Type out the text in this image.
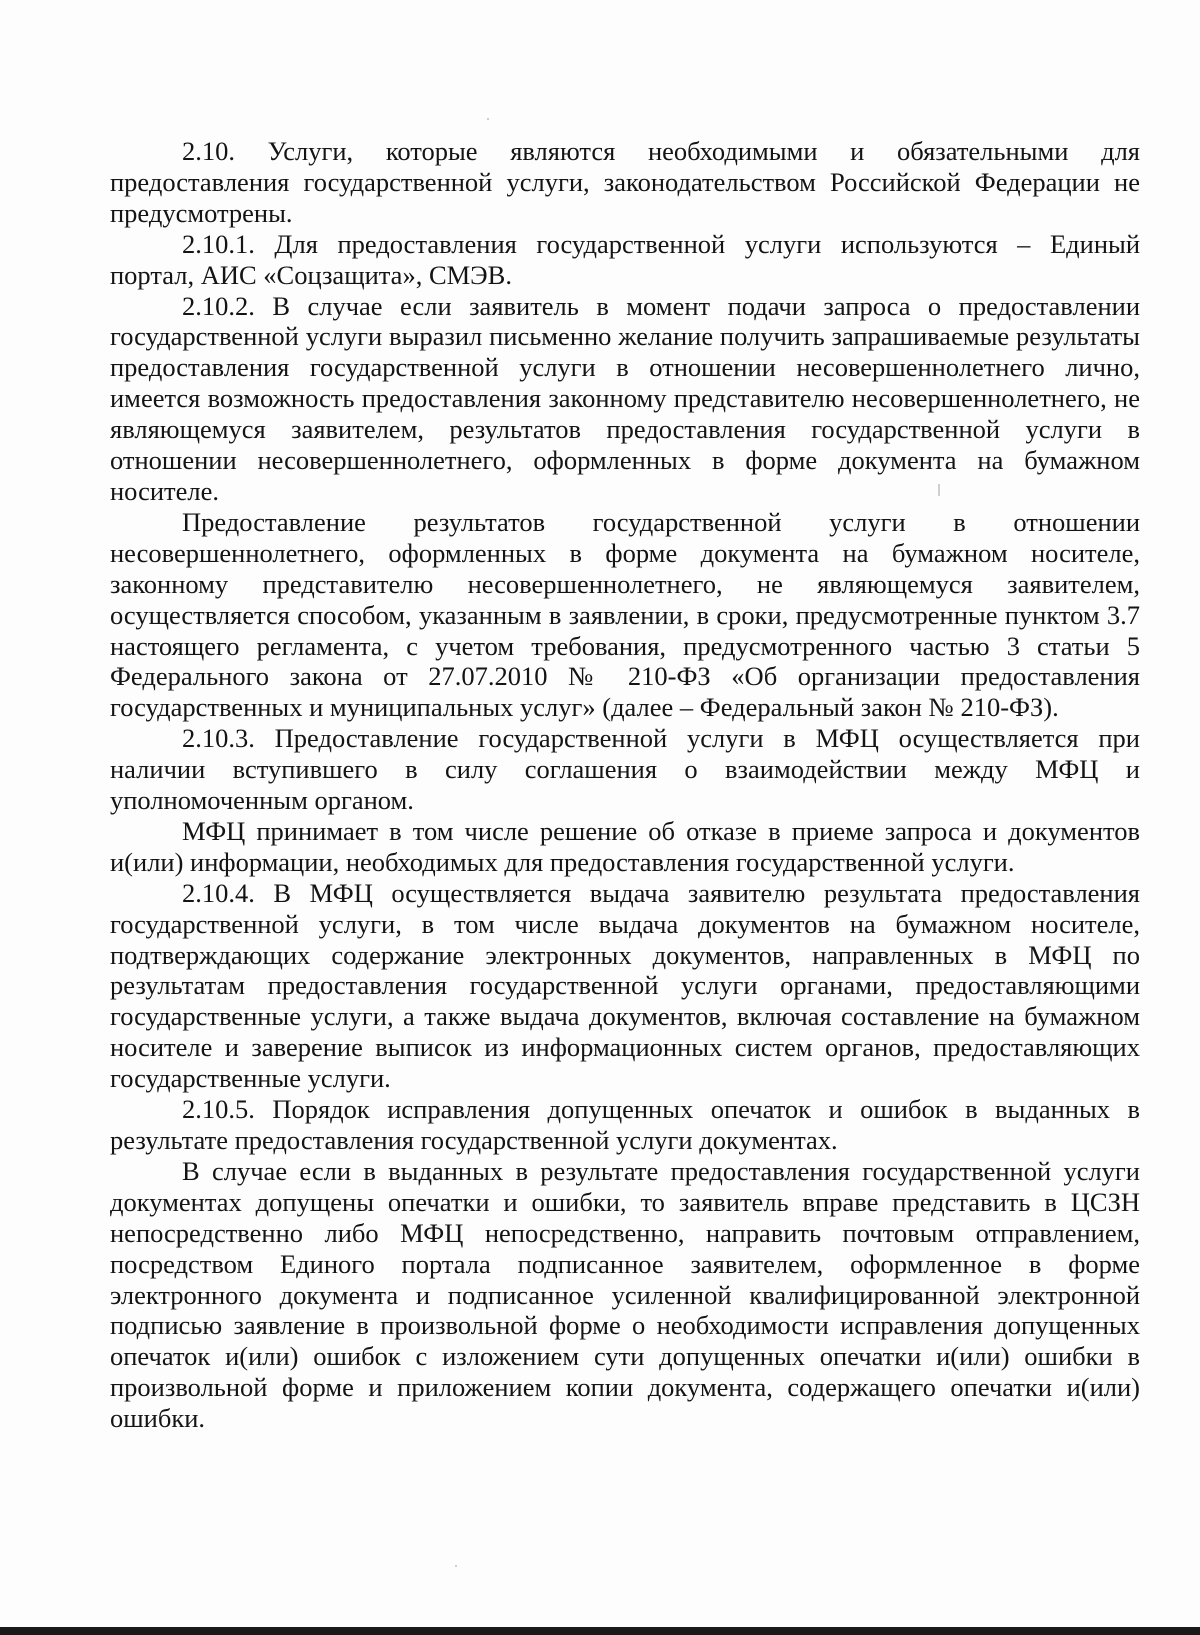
2.10. Услуги, которые являются необходимыми и обязательными для предоставления государственной услуги, законодательством Российской Федерации не предусмотрены.

2.10.1. Для предоставления государственной услуги используются – Единый портал, АИС «Соцзащита», СМЭВ.

2.10.2. В случае если заявитель в момент подачи запроса о предоставлении государственной услуги выразил письменно желание получить запрашиваемые результаты предоставления государственной услуги в отношении несовершеннолетнего лично, имеется возможность предоставления законному представителю несовершеннолетнего, не являющемуся заявителем, результатов предоставления государственной услуги в отношении несовершеннолетнего, оформленных в форме документа на бумажном носителе.

Предоставление результатов государственной услуги в отношении несовершеннолетнего, оформленных в форме документа на бумажном носителе, законному представителю несовершеннолетнего, не являющемуся заявителем, осуществляется способом, указанным в заявлении, в сроки, предусмотренные пунктом 3.7 настоящего регламента, с учетом требования, предусмотренного частью 3 статьи 5 Федерального закона от 27.07.2010 № 210-ФЗ «Об организации предоставления государственных и муниципальных услуг» (далее – Федеральный закон № 210-ФЗ).

2.10.3. Предоставление государственной услуги в МФЦ осуществляется при наличии вступившего в силу соглашения о взаимодействии между МФЦ и уполномоченным органом.

МФЦ принимает в том числе решение об отказе в приеме запроса и документов и(или) информации, необходимых для предоставления государственной услуги.

2.10.4. В МФЦ осуществляется выдача заявителю результата предоставления государственной услуги, в том числе выдача документов на бумажном носителе, подтверждающих содержание электронных документов, направленных в МФЦ по результатам предоставления государственной услуги органами, предоставляющими государственные услуги, а также выдача документов, включая составление на бумажном носителе и заверение выписок из информационных систем органов, предоставляющих государственные услуги.

2.10.5. Порядок исправления допущенных опечаток и ошибок в выданных в результате предоставления государственной услуги документах.

В случае если в выданных в результате предоставления государственной услуги документах допущены опечатки и ошибки, то заявитель вправе представить в ЦСЗН непосредственно либо МФЦ непосредственно, направить почтовым отправлением, посредством Единого портала подписанное заявителем, оформленное в форме электронного документа и подписанное усиленной квалифицированной электронной подписью заявление в произвольной форме о необходимости исправления допущенных опечаток и(или) ошибок с изложением сути допущенных опечатки и(или) ошибки в произвольной форме и приложением копии документа, содержащего опечатки и(или) ошибки.
